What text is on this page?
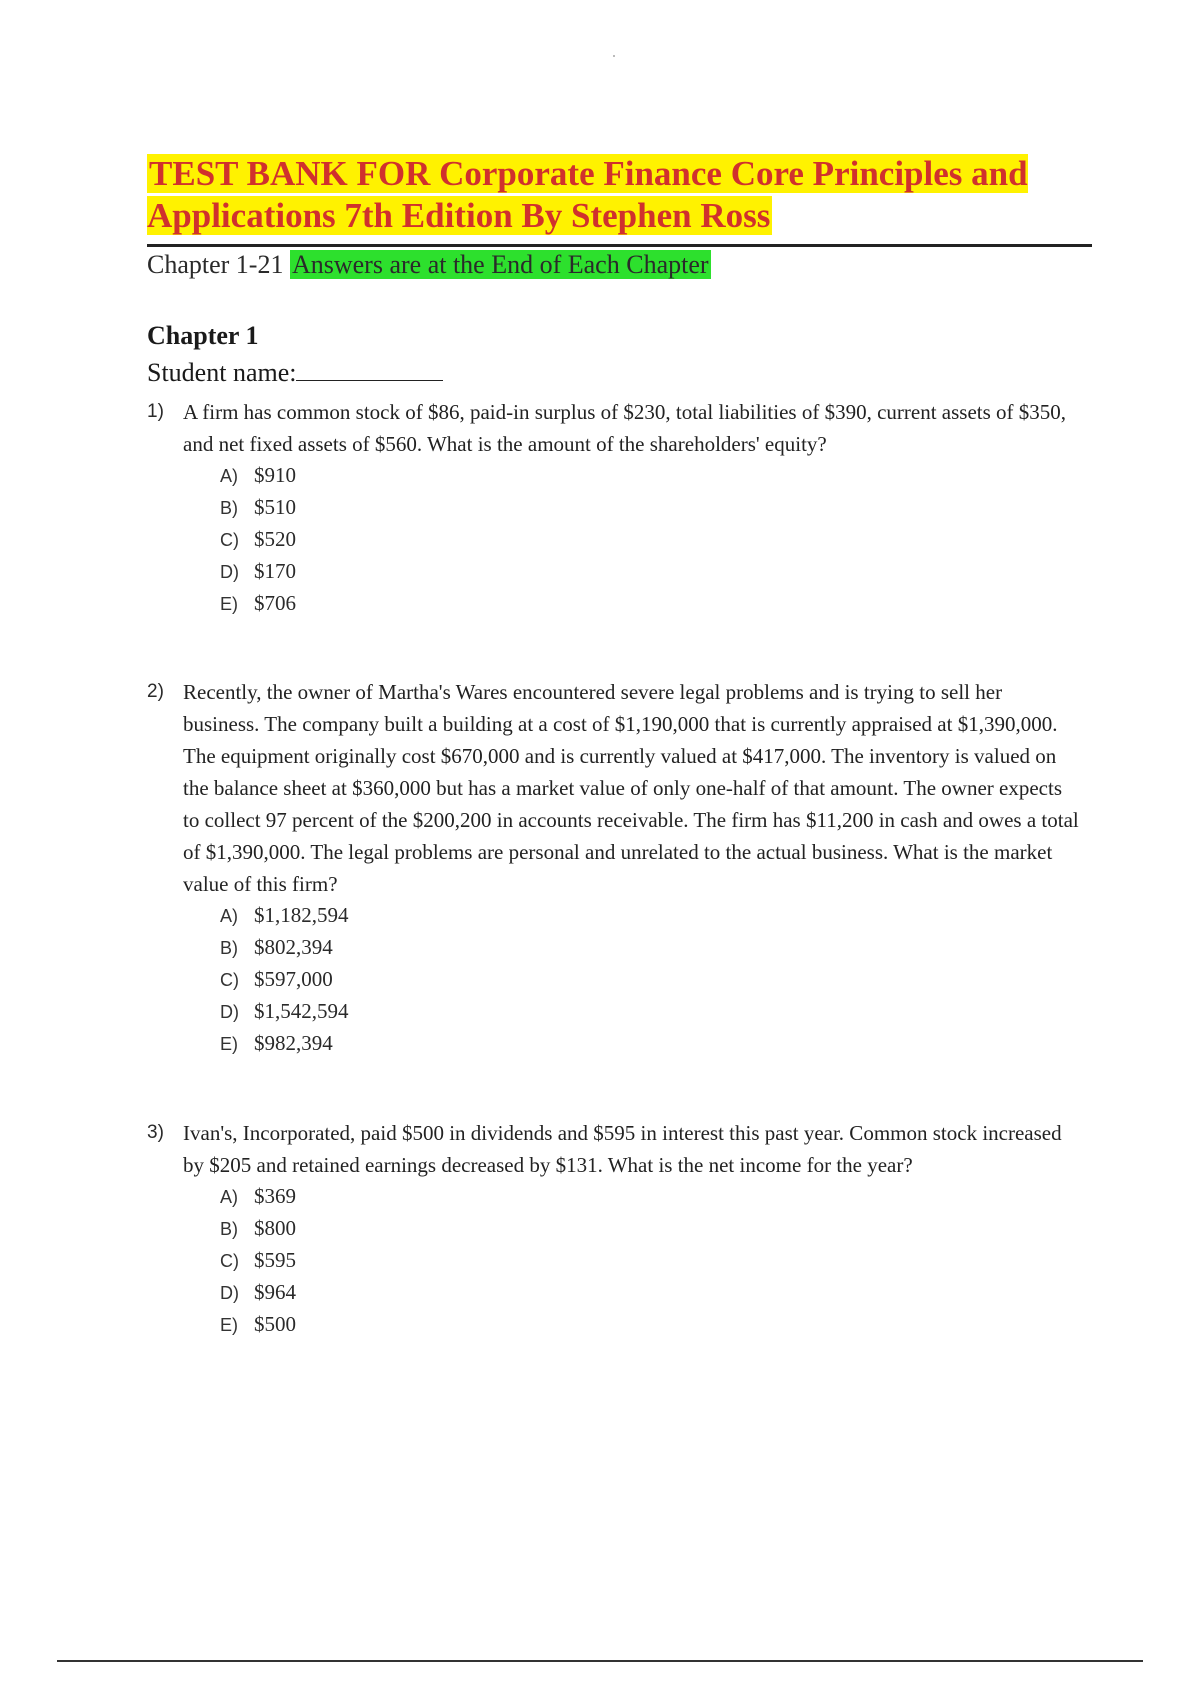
TEST BANK FOR Corporate Finance Core Principles and Applications 7th Edition By Stephen Ross
Chapter 1-21 Answers are at the End of Each Chapter
Chapter 1
Student name:
1) A firm has common stock of $86, paid-in surplus of $230, total liabilities of $390, current assets of $350, and net fixed assets of $560. What is the amount of the shareholders' equity?
A) $910
B) $510
C) $520
D) $170
E) $706
2) Recently, the owner of Martha's Wares encountered severe legal problems and is trying to sell her business. The company built a building at a cost of $1,190,000 that is currently appraised at $1,390,000. The equipment originally cost $670,000 and is currently valued at $417,000. The inventory is valued on the balance sheet at $360,000 but has a market value of only one-half of that amount. The owner expects to collect 97 percent of the $200,200 in accounts receivable. The firm has $11,200 in cash and owes a total of $1,390,000. The legal problems are personal and unrelated to the actual business. What is the market value of this firm?
A) $1,182,594
B) $802,394
C) $597,000
D) $1,542,594
E) $982,394
3) Ivan's, Incorporated, paid $500 in dividends and $595 in interest this past year. Common stock increased by $205 and retained earnings decreased by $131. What is the net income for the year?
A) $369
B) $800
C) $595
D) $964
E) $500
